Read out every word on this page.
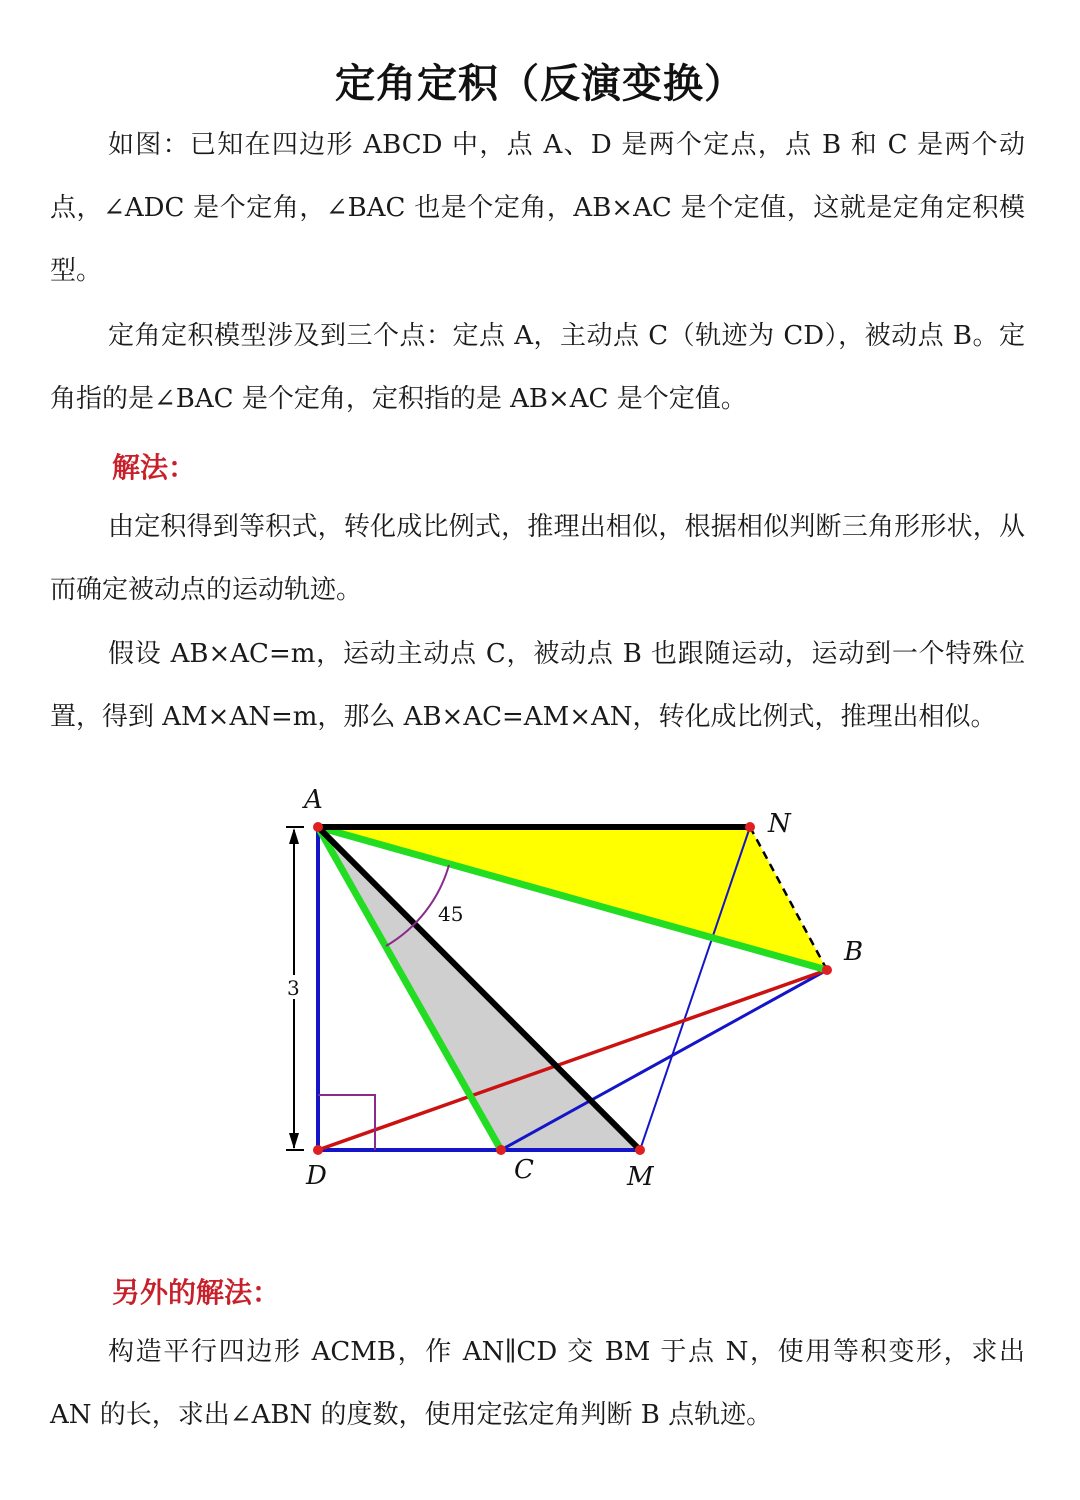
定角定积（反演变换）

如图：已知在四边形 ABCD 中，点 A、D 是两个定点，点 B 和 C 是两个动点，∠ADC 是个定角，∠BAC 也是个定角，AB×AC 是个定值，这就是定角定积模型。

定角定积模型涉及到三个点：定点 A，主动点 C（轨迹为 CD），被动点 B。定角指的是∠BAC 是个定角，定积指的是 AB×AC 是个定值。

解法：

由定积得到等积式，转化成比例式，推理出相似，根据相似判断三角形形状，从而确定被动点的运动轨迹。

假设 AB×AC=m，运动主动点 C，被动点 B 也跟随运动，运动到一个特殊位置，得到 AM×AN=m，那么 AB×AC=AM×AN，转化成比例式，推理出相似。

45
3
A
N
B
D	C	M
另外的解法：

构造平行四边形 ACMB，作 AN∥CD 交 BM 于点 N，使用等积变形，求出 AN 的长，求出∠ABN 的度数，使用定弦定角判断 B 点轨迹。
